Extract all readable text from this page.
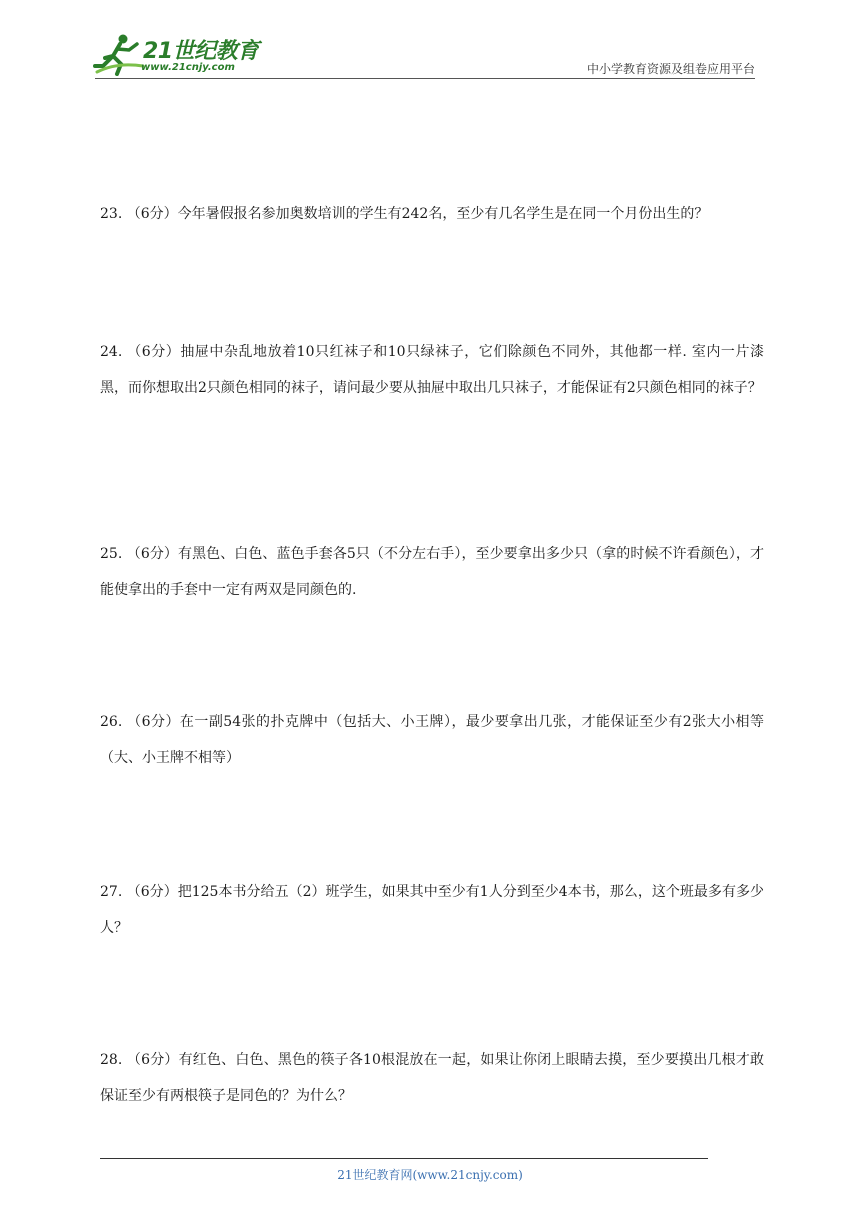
21世纪教育
www.21cnjy.com	中小学教育资源及组卷应用平台
23. （6分）今年暑假报名参加奥数培训的学生有242名，至少有几名学生是在同一个月份出生的？
24. （6分）抽屉中杂乱地放着10只红袜子和10只绿袜子，它们除颜色不同外，其他都一样. 室内一片漆黑，而你想取出2只颜色相同的袜子，请问最少要从抽屉中取出几只袜子，才能保证有2只颜色相同的袜子？
25. （6分）有黑色、白色、蓝色手套各5只（不分左右手），至少要拿出多少只（拿的时候不许看颜色），才能使拿出的手套中一定有两双是同颜色的.
26. （6分）在一副54张的扑克牌中（包括大、小王牌），最少要拿出几张，才能保证至少有2张大小相等（大、小王牌不相等）
27. （6分）把125本书分给五（2）班学生，如果其中至少有1人分到至少4本书，那么，这个班最多有多少人？
28. （6分）有红色、白色、黑色的筷子各10根混放在一起，如果让你闭上眼睛去摸，至少要摸出几根才敢保证至少有两根筷子是同色的？为什么？
21世纪教育网(www.21cnjy.com)
